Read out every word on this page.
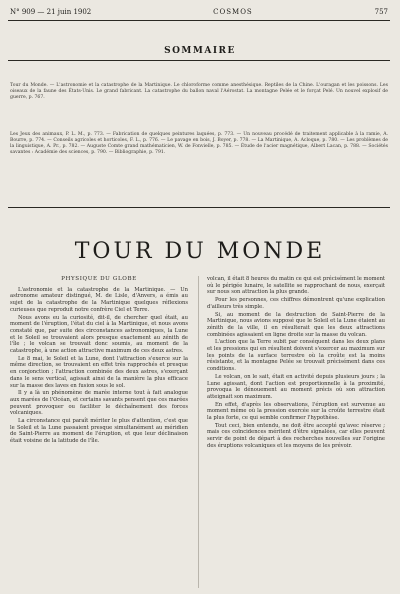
N° 909 — 21 juin 1902	COSMOS	757
SOMMAIRE
Tour du Monde. — L'astronomie et la catastrophe de la Martinique. Le chloroforme comme anesthésique. Reptiles de la Chine. L'ouragan et les poissons. Les oiseaux de la faune des États-Unis. Le grand fabricant. La catastrophe du ballon naval l'Aérostat. La montagne Pelée et le forçat Pelé. Un nouvel explosif de guerre, p. 767.
Les Jeux des animaux, P. L. M., p. 773. — Fabrication de quelques peintures laquées, p. 773. — Un nouveau procédé de traitement applicable à la ramie, A. Bourre, p. 774. — Conseils agricoles et horticoles, F. L., p. 776. — Le pavage en bois, J. Boyer, p. 778. — La Martinique, A. Acloque, p. 780. — Les problèmes de la linguistique, A. Pr., p. 782. — Auguste Comte grand mathématicien, W. de Fonvielle, p. 785. — Étude de l'acier magnétique, Albert Lacan, p. 788. — Sociétés savantes : Académie des sciences, p. 790. — Bibliographie, p. 791.
TOUR DU MONDE
PHYSIQUE DU GLOBE

L'astronomie et la catastrophe de la Martinique. — Un astronome amateur distingué, M. de Lisle, d'Anvers, a émis au sujet de la catastrophe de la Martinique quelques réflexions curieuses que reproduit notre confrère Ciel et Terre.

Nous avons eu la curiosité, dit-il, de chercher quel était, au moment de l'éruption, l'état du ciel à la Martinique, et nous avons constaté que, par suite des circonstances astronomiques, la Lune et le Soleil se trouvaient alors presque exactement au zénith de l'île ; le volcan se trouvait donc soumis, au moment de la catastrophe, à une action attractive maximum de ces deux astres.

Le 8 mai, le Soleil et la Lune, dont l'attraction s'exerce sur la même direction, se trouvaient en effet très rapprochés et presque en conjonction ; l'attraction combinée des deux astres, s'exerçant dans le sens vertical, agissait ainsi de la manière la plus efficace sur la masse des laves en fusion sous le sol.

Il y a là un phénomène de marée interne tout à fait analogue aux marées de l'Océan, et certains savants pensent que ces marées peuvent provoquer ou faciliter le déchaînement des forces volcaniques.

La circonstance qui paraît mériter le plus d'attention, c'est que le Soleil et la Lune passaient presque simultanément au méridien de Saint-Pierre au moment de l'éruption, et que leur déclinaison était voisine de la latitude de l'île.

volcan, il était 8 heures du matin ce qui est précisément le moment où le périgée lunaire, le satellite se rapprochant de nous, exerçait sur nous son attraction la plus grande.

Pour les personnes, ces chiffres démontrent qu'une explication d'ailleurs très simple.

Si, au moment de la destruction de Saint-Pierre de la Martinique, nous avions supposé que le Soleil et la Lune étaient au zénith de la ville, il en résulterait que les deux attractions combinées agissaient en ligne droite sur la masse du volcan.

L'action que la Terre subit par conséquent dans les deux plans et les pressions qui en résultent doivent s'exercer au maximum sur les points de la surface terrestre où la croûte est la moins résistante, et la montagne Pelée se trouvait précisément dans ces conditions.

Le volcan, on le sait, était en activité depuis plusieurs jours ; la Lune agissant, dont l'action est proportionnelle à la proximité, provoqua le dénouement au moment précis où son attraction atteignait son maximum.

En effet, d'après les observations, l'éruption est survenue au moment même où la pression exercée sur la croûte terrestre était la plus forte, ce qui semble confirmer l'hypothèse.

Tout ceci, bien entendu, ne doit être accepté qu'avec réserve ; mais ces coïncidences méritent d'être signalées, car elles peuvent servir de point de départ à des recherches nouvelles sur l'origine des éruptions volcaniques et les moyens de les prévoir.
